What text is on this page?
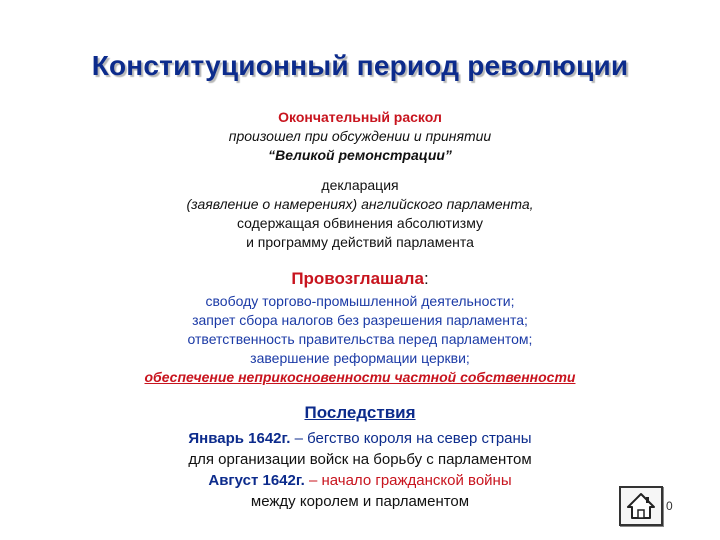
Конституционный период революции
Окончательный раскол
произошел при обсуждении и принятии
“Великой ремонстрации”
декларация
(заявление о намерениях) английского парламента,
содержащая обвинения абсолютизму
и программу действий парламента
Провозглашала:
свободу торгово-промышленной деятельности;
запрет сбора налогов без разрешения парламента;
ответственность правительства перед парламентом;
завершение реформации церкви;
обеспечение неприкосновенности частной собственности
Последствия
Январь 1642г. – бегство короля на север страны
для организации войск на борьбу с парламентом
Август 1642г. – начало гражданской войны
между королем и парламентом	0
